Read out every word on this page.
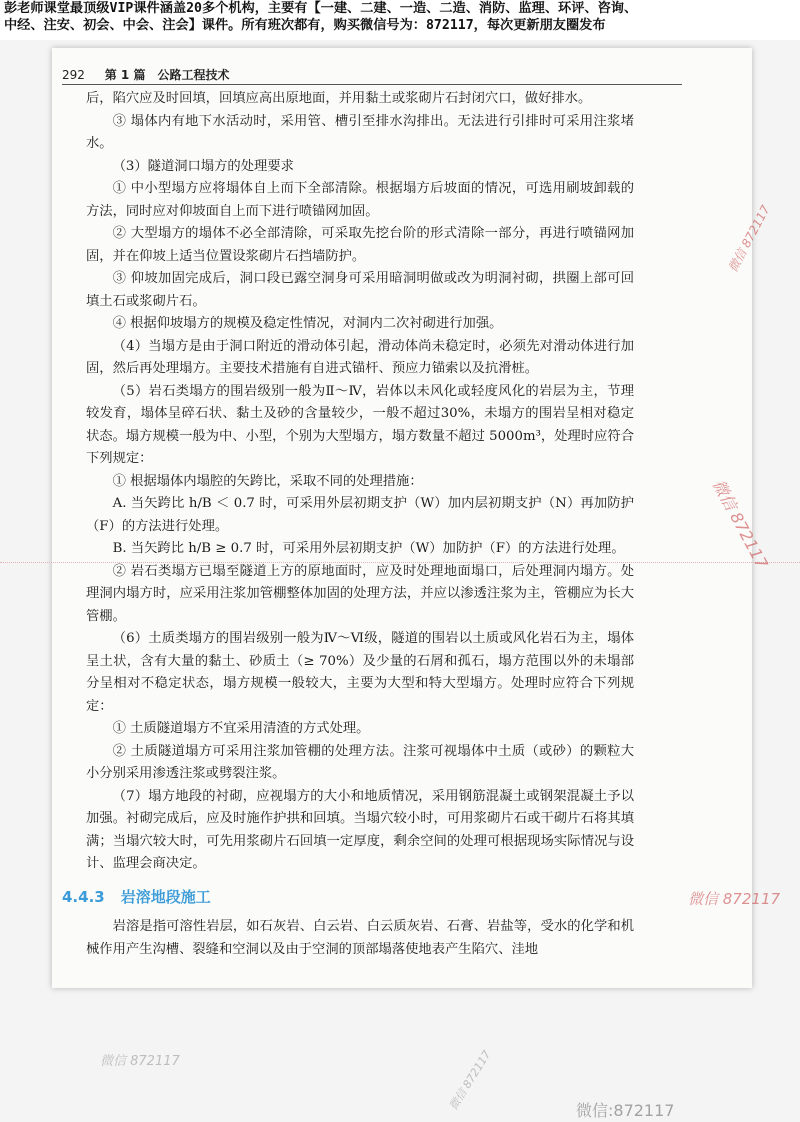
彭老师课堂最顶级VIP课件涵盖20多个机构，主要有【一建、二建、一造、二造、消防、监理、环评、咨询、
中经、注安、初会、中会、注会】课件。所有班次都有，购买微信号为：872117，每次更新朋友圈发布
292 第 1 篇　公路工程技术

后，陷穴应及时回填，回填应高出原地面，并用黏土或浆砌片石封闭穴口，做好排水。

③ 塌体内有地下水活动时，采用管、槽引至排水沟排出。无法进行引排时可采用注浆堵水。

（3）隧道洞口塌方的处理要求

① 中小型塌方应将塌体自上而下全部清除。根据塌方后坡面的情况，可选用刷坡卸载的方法，同时应对仰坡面自上而下进行喷锚网加固。

② 大型塌方的塌体不必全部清除，可采取先挖台阶的形式清除一部分，再进行喷锚网加固，并在仰坡上适当位置设浆砌片石挡墙防护。

③ 仰坡加固完成后，洞口段已露空洞身可采用暗洞明做或改为明洞衬砌，拱圈上部可回填土石或浆砌片石。

④ 根据仰坡塌方的规模及稳定性情况，对洞内二次衬砌进行加强。

（4）当塌方是由于洞口附近的滑动体引起，滑动体尚未稳定时，必须先对滑动体进行加固，然后再处理塌方。主要技术措施有自进式锚杆、预应力锚索以及抗滑桩。

（5）岩石类塌方的围岩级别一般为Ⅱ～Ⅳ，岩体以未风化或轻度风化的岩层为主，节理较发育，塌体呈碎石状、黏土及砂的含量较少，一般不超过30%，未塌方的围岩呈相对稳定状态。塌方规模一般为中、小型，个别为大型塌方，塌方数量不超过 5000m³，处理时应符合下列规定：

① 根据塌体内塌腔的矢跨比，采取不同的处理措施：

A. 当矢跨比 h/B ＜ 0.7 时，可采用外层初期支护（W）加内层初期支护（N）再加防护（F）的方法进行处理。

B. 当矢跨比 h/B ≥ 0.7 时，可采用外层初期支护（W）加防护（F）的方法进行处理。

② 岩石类塌方已塌至隧道上方的原地面时，应及时处理地面塌口，后处理洞内塌方。处理洞内塌方时，应采用注浆加管棚整体加固的处理方法，并应以渗透注浆为主，管棚应为长大管棚。

（6）土质类塌方的围岩级别一般为Ⅳ～Ⅵ级，隧道的围岩以土质或风化岩石为主，塌体呈土状，含有大量的黏土、砂质土（≥ 70%）及少量的石屑和孤石，塌方范围以外的未塌部分呈相对不稳定状态，塌方规模一般较大，主要为大型和特大型塌方。处理时应符合下列规定：

① 土质隧道塌方不宜采用清渣的方式处理。

② 土质隧道塌方可采用注浆加管棚的处理方法。注浆可视塌体中土质（或砂）的颗粒大小分别采用渗透注浆或劈裂注浆。

（7）塌方地段的衬砌，应视塌方的大小和地质情况，采用钢筋混凝土或钢架混凝土予以加强。衬砌完成后，应及时施作护拱和回填。当塌穴较小时，可用浆砌片石或干砌片石将其填满；当塌穴较大时，可先用浆砌片石回填一定厚度，剩余空间的处理可根据现场实际情况与设计、监理会商决定。

4.4.3 岩溶地段施工

岩溶是指可溶性岩层，如石灰岩、白云岩、白云质灰岩、石膏、岩盐等，受水的化学和机械作用产生沟槽、裂缝和空洞以及由于空洞的顶部塌落使地表产生陷穴、洼地

微信 872117
微信 872117
微信 872117
微信 872117	微信 872117	微信:872117
